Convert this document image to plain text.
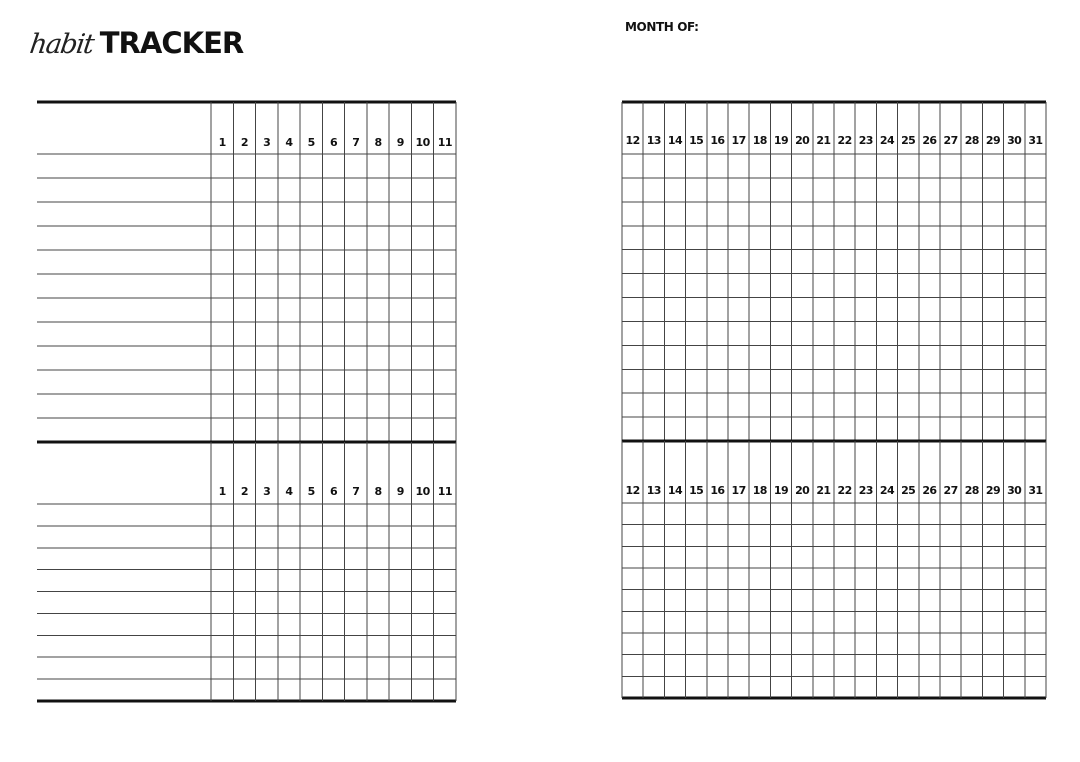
habit TRACKER	MONTH OF:
1	2	3	4	5	6	7	8	9	10 11
1	2	3	4	5	6	7	8	9	10 11
12 13 14 15 16 17 18 19 20 21 22 23 24 25 26 27 28 29 30 31
12 13 14 15 16 17 18 19 20 21 22 23 24 25 26 27 28 29 30 31
